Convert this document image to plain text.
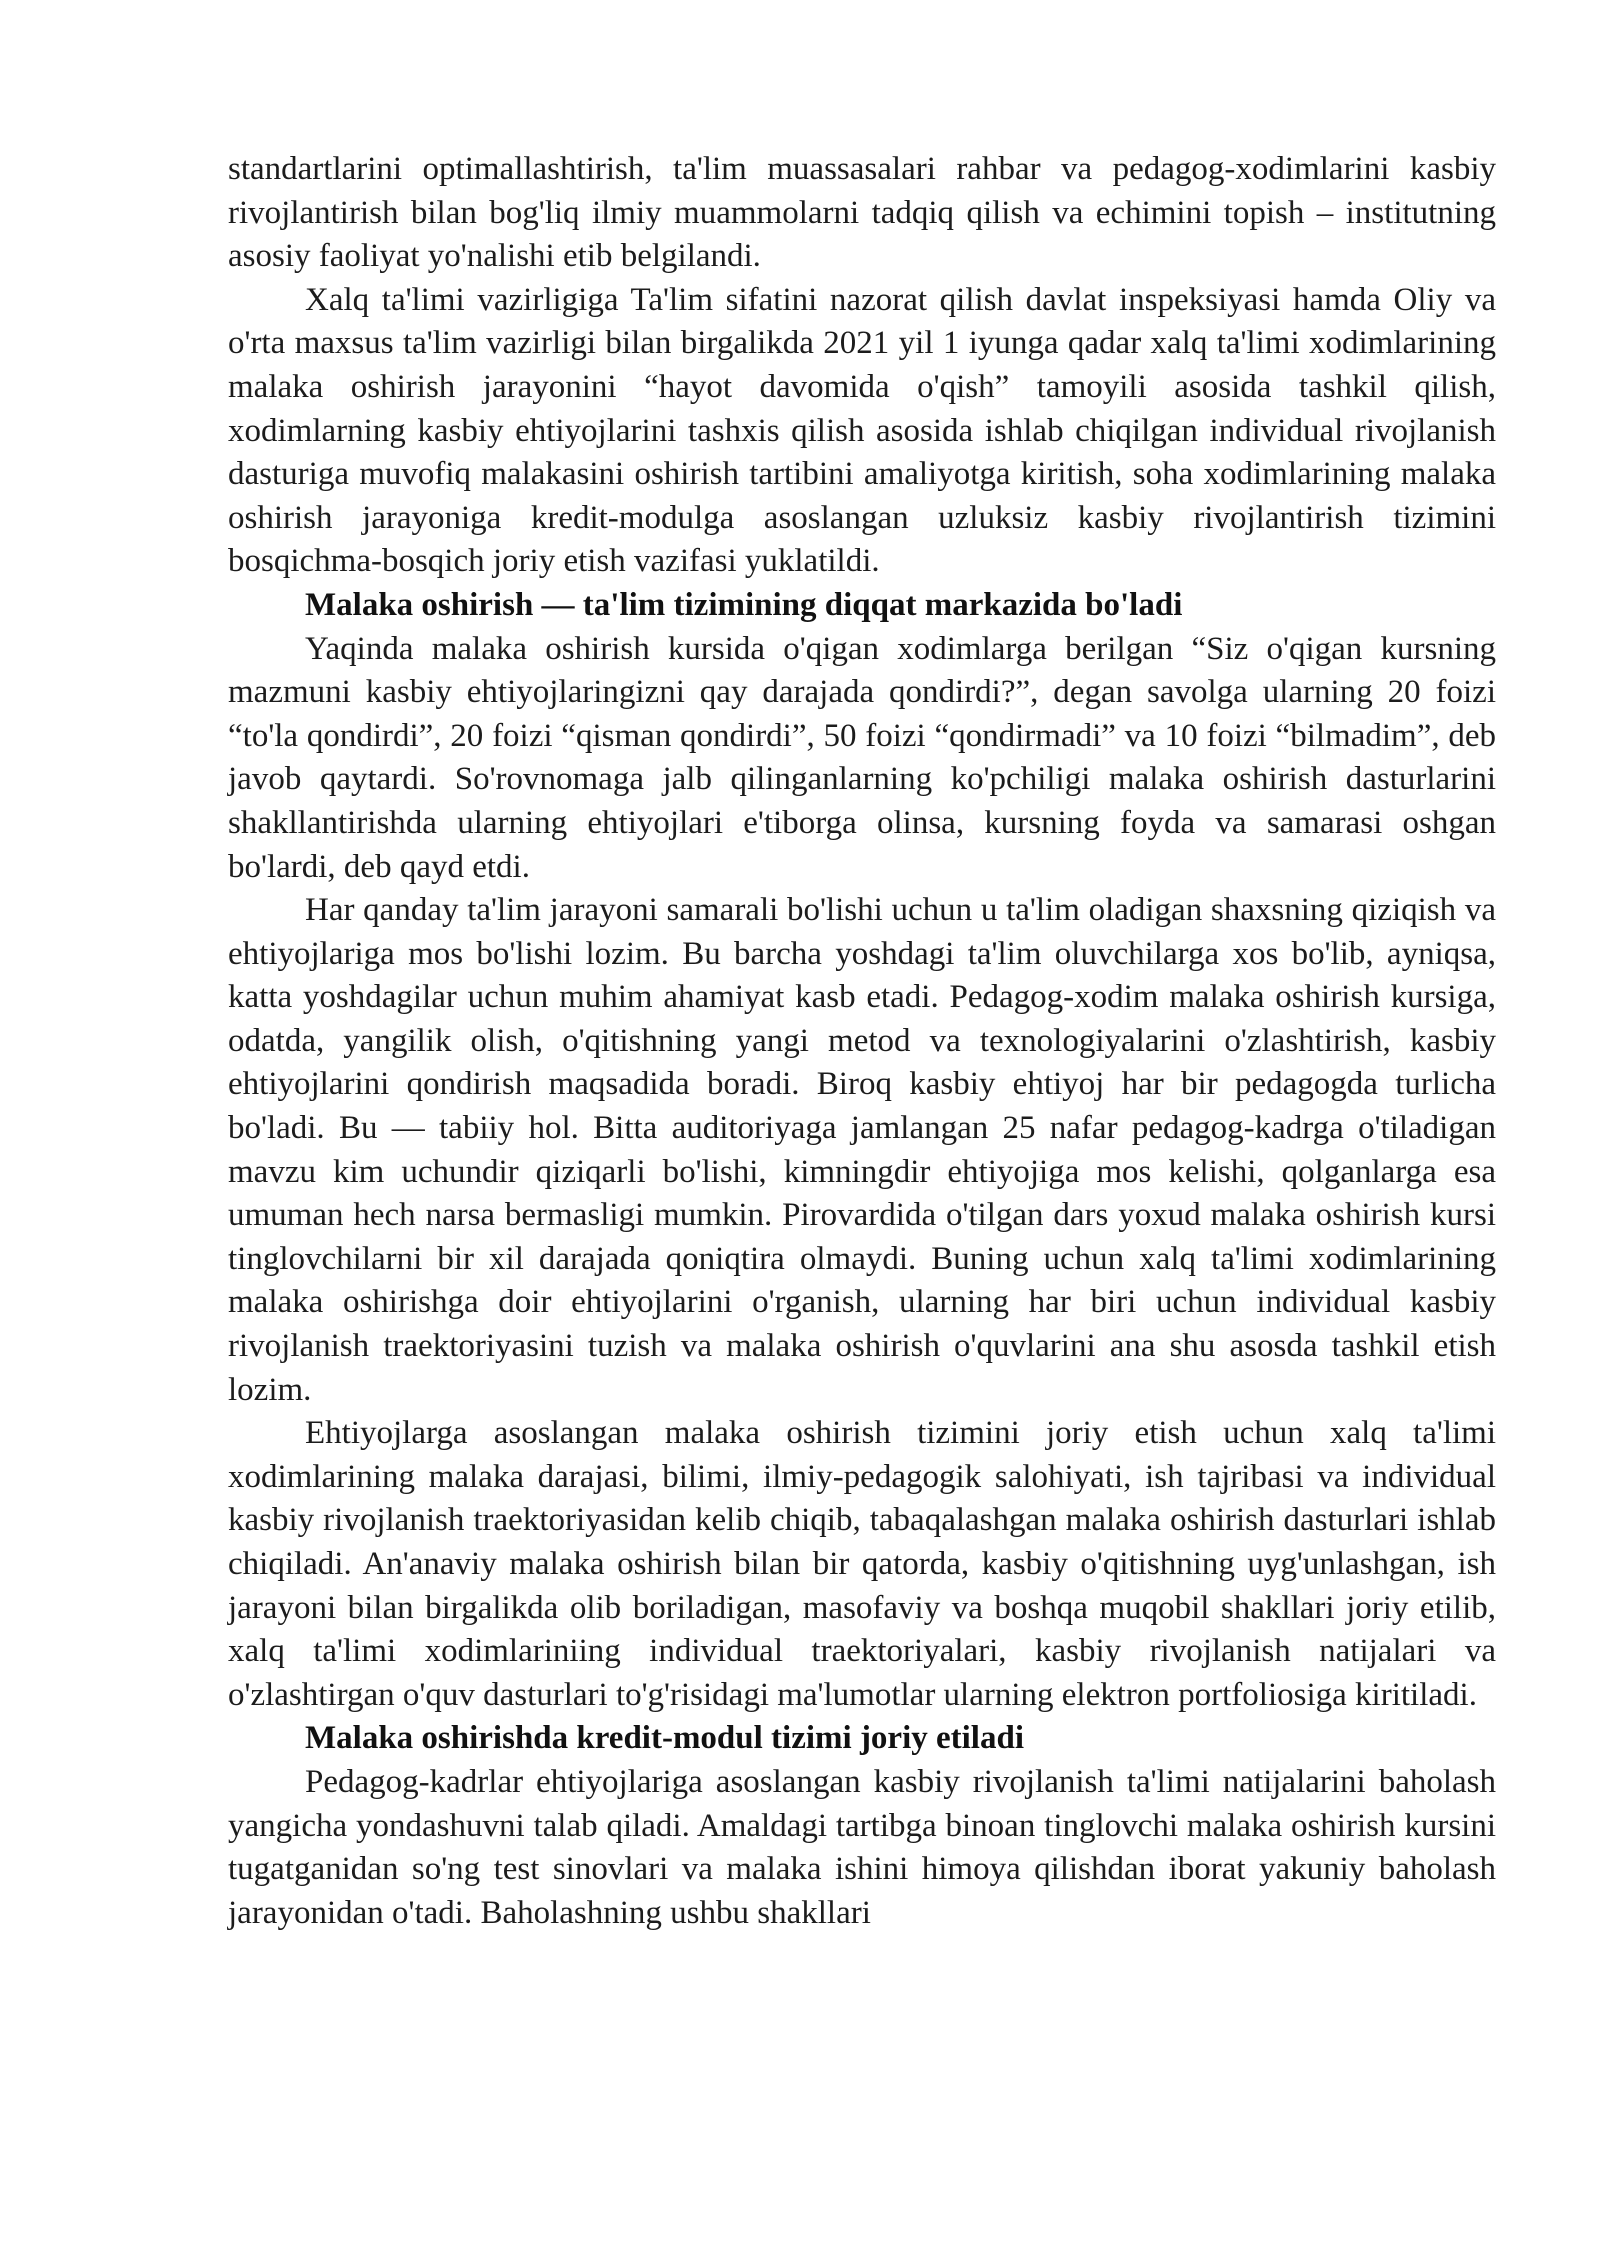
standartlarini optimallashtirish, ta'lim muassasalari rahbar va pedagog-xodimlarini kasbiy rivojlantirish bilan bog'liq ilmiy muammolarni tadqiq qilish va echimini topish – institutning asosiy faoliyat yo'nalishi etib belgilandi.

Xalq ta'limi vazirligiga Ta'lim sifatini nazorat qilish davlat inspeksiyasi hamda Oliy va o'rta maxsus ta'lim vazirligi bilan birgalikda 2021 yil 1 iyunga qadar xalq ta'limi xodimlarining malaka oshirish jarayonini “hayot davomida o'qish” tamoyili asosida tashkil qilish, xodimlarning kasbiy ehtiyojlarini tashxis qilish asosida ishlab chiqilgan individual rivojlanish dasturiga muvofiq malakasini oshirish tartibini amaliyotga kiritish, soha xodimlarining malaka oshirish jarayoniga kredit-modulga asoslangan uzluksiz kasbiy rivojlantirish tizimini bosqichma-bosqich joriy etish vazifasi yuklatildi.

Malaka oshirish — ta'lim tizimining diqqat markazida bo'ladi

Yaqinda malaka oshirish kursida o'qigan xodimlarga berilgan “Siz o'qigan kursning mazmuni kasbiy ehtiyojlaringizni qay darajada qondirdi?”, degan savolga ularning 20 foizi “to'la qondirdi”, 20 foizi “qisman qondirdi”, 50 foizi “qondirmadi” va 10 foizi “bilmadim”, deb javob qaytardi. So'rovnomaga jalb qilinganlarning ko'pchiligi malaka oshirish dasturlarini shakllantirishda ularning ehtiyojlari e'tiborga olinsa, kursning foyda va samarasi oshgan bo'lardi, deb qayd etdi.

Har qanday ta'lim jarayoni samarali bo'lishi uchun u ta'lim oladigan shaxsning qiziqish va ehtiyojlariga mos bo'lishi lozim. Bu barcha yoshdagi ta'lim oluvchilarga xos bo'lib, ayniqsa, katta yoshdagilar uchun muhim ahamiyat kasb etadi. Pedagog-xodim malaka oshirish kursiga, odatda, yangilik olish, o'qitishning yangi metod va texnologiyalarini o'zlashtirish, kasbiy ehtiyojlarini qondirish maqsadida boradi. Biroq kasbiy ehtiyoj har bir pedagogda turlicha bo'ladi. Bu — tabiiy hol. Bitta auditoriyaga jamlangan 25 nafar pedagog-kadrga o'tiladigan mavzu kim uchundir qiziqarli bo'lishi, kimningdir ehtiyojiga mos kelishi, qolganlarga esa umuman hech narsa bermasligi mumkin. Pirovardida o'tilgan dars yoxud malaka oshirish kursi tinglovchilarni bir xil darajada qoniqtira olmaydi. Buning uchun xalq ta'limi xodimlarining malaka oshirishga doir ehtiyojlarini o'rganish, ularning har biri uchun individual kasbiy rivojlanish traektoriyasini tuzish va malaka oshirish o'quvlarini ana shu asosda tashkil etish lozim.

Ehtiyojlarga asoslangan malaka oshirish tizimini joriy etish uchun xalq ta'limi xodimlarining malaka darajasi, bilimi, ilmiy-pedagogik salohiyati, ish tajribasi va individual kasbiy rivojlanish traektoriyasidan kelib chiqib, tabaqalashgan malaka oshirish dasturlari ishlab chiqiladi. An'anaviy malaka oshirish bilan bir qatorda, kasbiy o'qitishning uyg'unlashgan, ish jarayoni bilan birgalikda olib boriladigan, masofaviy va boshqa muqobil shakllari joriy etilib, xalq ta'limi xodimlariniing individual traektoriyalari, kasbiy rivojlanish natijalari va o'zlashtirgan o'quv dasturlari to'g'risidagi ma'lumotlar ularning elektron portfoliosiga kiritiladi.

Malaka oshirishda kredit-modul tizimi joriy etiladi

Pedagog-kadrlar ehtiyojlariga asoslangan kasbiy rivojlanish ta'limi natijalarini baholash yangicha yondashuvni talab qiladi. Amaldagi tartibga binoan tinglovchi malaka oshirish kursini tugatganidan so'ng test sinovlari va malaka ishini himoya qilishdan iborat yakuniy baholash jarayonidan o'tadi. Baholashning ushbu shakllari
